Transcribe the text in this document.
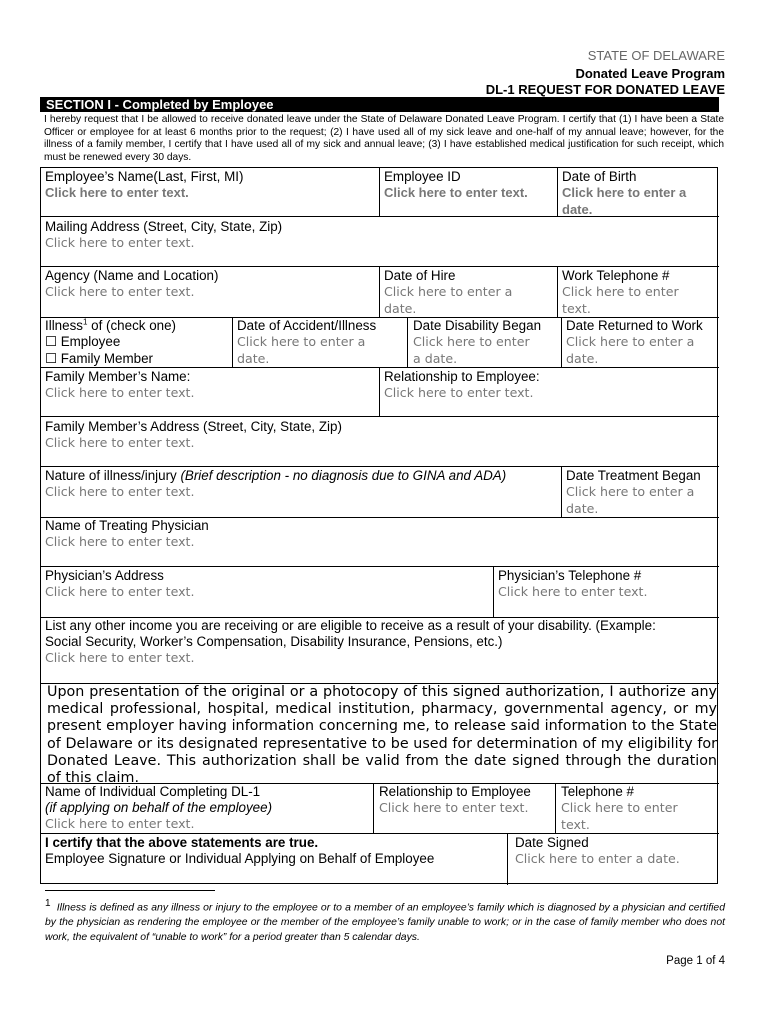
STATE OF DELAWARE
Donated Leave Program
DL-1 REQUEST FOR DONATED LEAVE
SECTION I - Completed by Employee
I hereby request that I be allowed to receive donated leave under the State of Delaware Donated Leave Program. I certify that (1) I have been a State Officer or employee for at least 6 months prior to the request; (2) I have used all of my sick leave and one-half of my annual leave; however, for the illness of a family member, I certify that I have used all of my sick and annual leave; (3) I have established medical justification for such receipt, which must be renewed every 30 days.
Employee’s Name(Last, First, MI)
Click here to enter text.
Employee ID
Click here to enter text.
Date of Birth
Click here to enter a
date.
Mailing Address (Street, City, State, Zip)
Click here to enter text.
Agency (Name and Location)
Click here to enter text.
Date of Hire
Click here to enter a
date.
Work Telephone #
Click here to enter
text.
Illness$^1$ of (check one)
☐ Employee
☐ Family Member
Date of Accident/Illness
Click here to enter a
date.
Date Disability Began
Click here to enter
a date.
Date Returned to Work
Click here to enter a
date.
Family Member’s Name:
Click here to enter text.
Relationship to Employee:
Click here to enter text.
Family Member’s Address (Street, City, State, Zip)
Click here to enter text.
Nature of illness/injury (Brief description - no diagnosis due to GINA and ADA)
Click here to enter text.
Date Treatment Began
Click here to enter a
date.
Name of Treating Physician
Click here to enter text.
Physician’s Address
Click here to enter text.
Physician’s Telephone #
Click here to enter text.
List any other income you are receiving or are eligible to receive as a result of your disability. (Example:
Social Security, Worker’s Compensation, Disability Insurance, Pensions, etc.)
Click here to enter text.
Upon presentation of the original or a photocopy of this signed authorization, I authorize any medical professional, hospital, medical institution, pharmacy, governmental agency, or my present employer having information concerning me, to release said information to the State of Delaware or its designated representative to be used for determination of my eligibility for Donated Leave. This authorization shall be valid from the date signed through the duration of this claim.
Name of Individual Completing DL-1
(if applying on behalf of the employee)
Click here to enter text.
Relationship to Employee
Click here to enter text.
Telephone #
Click here to enter
text.
I certify that the above statements are true.
Employee Signature or Individual Applying on Behalf of Employee
Date Signed
Click here to enter a date.
$^1$ Illness is defined as any illness or injury to the employee or to a member of an employee’s family which is diagnosed by a physician and certified by the physician as rendering the employee or the member of the employee’s family unable to work; or in the case of family member who does not work, the equivalent of “unable to work” for a period greater than 5 calendar days.
Page 1 of 4
